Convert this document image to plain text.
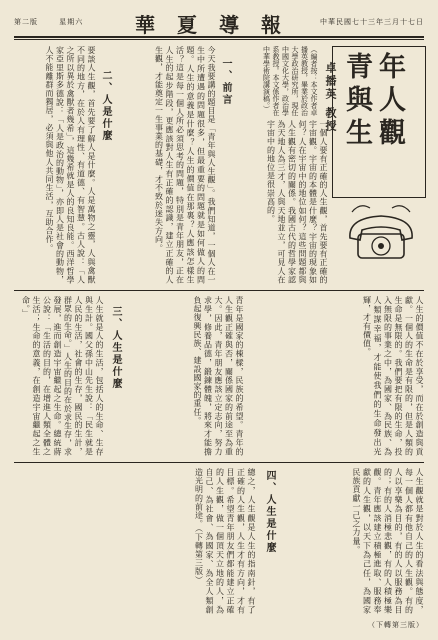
第二版	星期六	華夏導報 中華民國七十三年三月十七日
青年與人生觀
卓播英 教授
（編者按：本文作者卓播英教授，畢業於政治大學政治研究所，現任中國文化大學，政治學系教授。本文係作者在中華學術院講演稿。）
一、前言
今天我要講的題目是「青年與人生觀」。我們知道，一個人在一生中所遭遇的問題很多，但最重要的問題就是如何做人的問題。人生的意義是什麼？人生的價值在那裏？人應該怎樣生活？這是每一個人所必須思考的問題，特別是青年朋友，正在人生的起步階段，更應該對人生有正確的認識，建立正確的人生觀，才能奠定一生事業的基礎，才不致於迷失方向。	一個人要有正確的人生觀，首先要有正確的宇宙觀。宇宙的本體是什麼？宇宙的現象如何？人在宇宙中的地位如何？這些問題都與人生觀有密切的關係。我國古代的哲學家認為天地人為三才，人與天地並立，可見人在宇宙中的地位是很崇高的。
二、人是什麼
要談人生觀，首先要了解人是什麼。人是萬物之靈，人與禽獸不同的地方，在於人有理性、有道德、有智慧。古人說：「人之所以異於禽獸者幾希」，這幾希就是人的良知良能。西洋哲學家亞里斯多德說：「人是政治的動物」，亦即人是社會的動物，人不能離群而獨居，必須與他人共同生活，互助合作。
人生的價值不在於享受，而在於創造與貢獻。一個人的生命是有限的，但是人類的生命是無限的。我們要把有限的生命，投入無限的事業之中，為國家、為民族、為人類謀幸福，才能使我們的生命發出光輝，才有價值。
青年是國家的棟樑，民族的希望。青年的人生觀正確與否，關係國家的前途至為重大。因此，青年朋友應該立定志向，努力求學，修養品德，鍛鍊體魄，將來才能擔負起復興民族、建設國家的重任。
三、人生是什麼
人生就是人的生活，包括人的生命、生存與生計。國父孫中山先生說：「民生就是人民的生活，社會的生存，國民的生計，群眾的生命。」人生的目的在於求生存，求發展，進而創造宇宙繼起之生命。總統蔣公說：「生活的目的，在增進人類全體之生活；生命的意義，在創造宇宙繼起之生命。」
四、人生是什麼	人生觀就是對於人生的看法與態度，每一個人都有他自己的人生觀。有的人以享樂為目的，有的人以服務為目的；有的人消極悲觀，有的人積極樂觀。青年應該建立積極進取、服務奉獻的人生觀，以天下為己任，為國家民族貢獻一己之力量。
總之，人生觀是人生的指南針，有了正確的人生觀，人生才有方向，才有目標。希望青年朋友們都能建立正確的人生觀，做一個頂天立地的人，為自己、為社會、為國家、為全人類創造光明的前途。（下轉第三版）
（下轉第三版）
